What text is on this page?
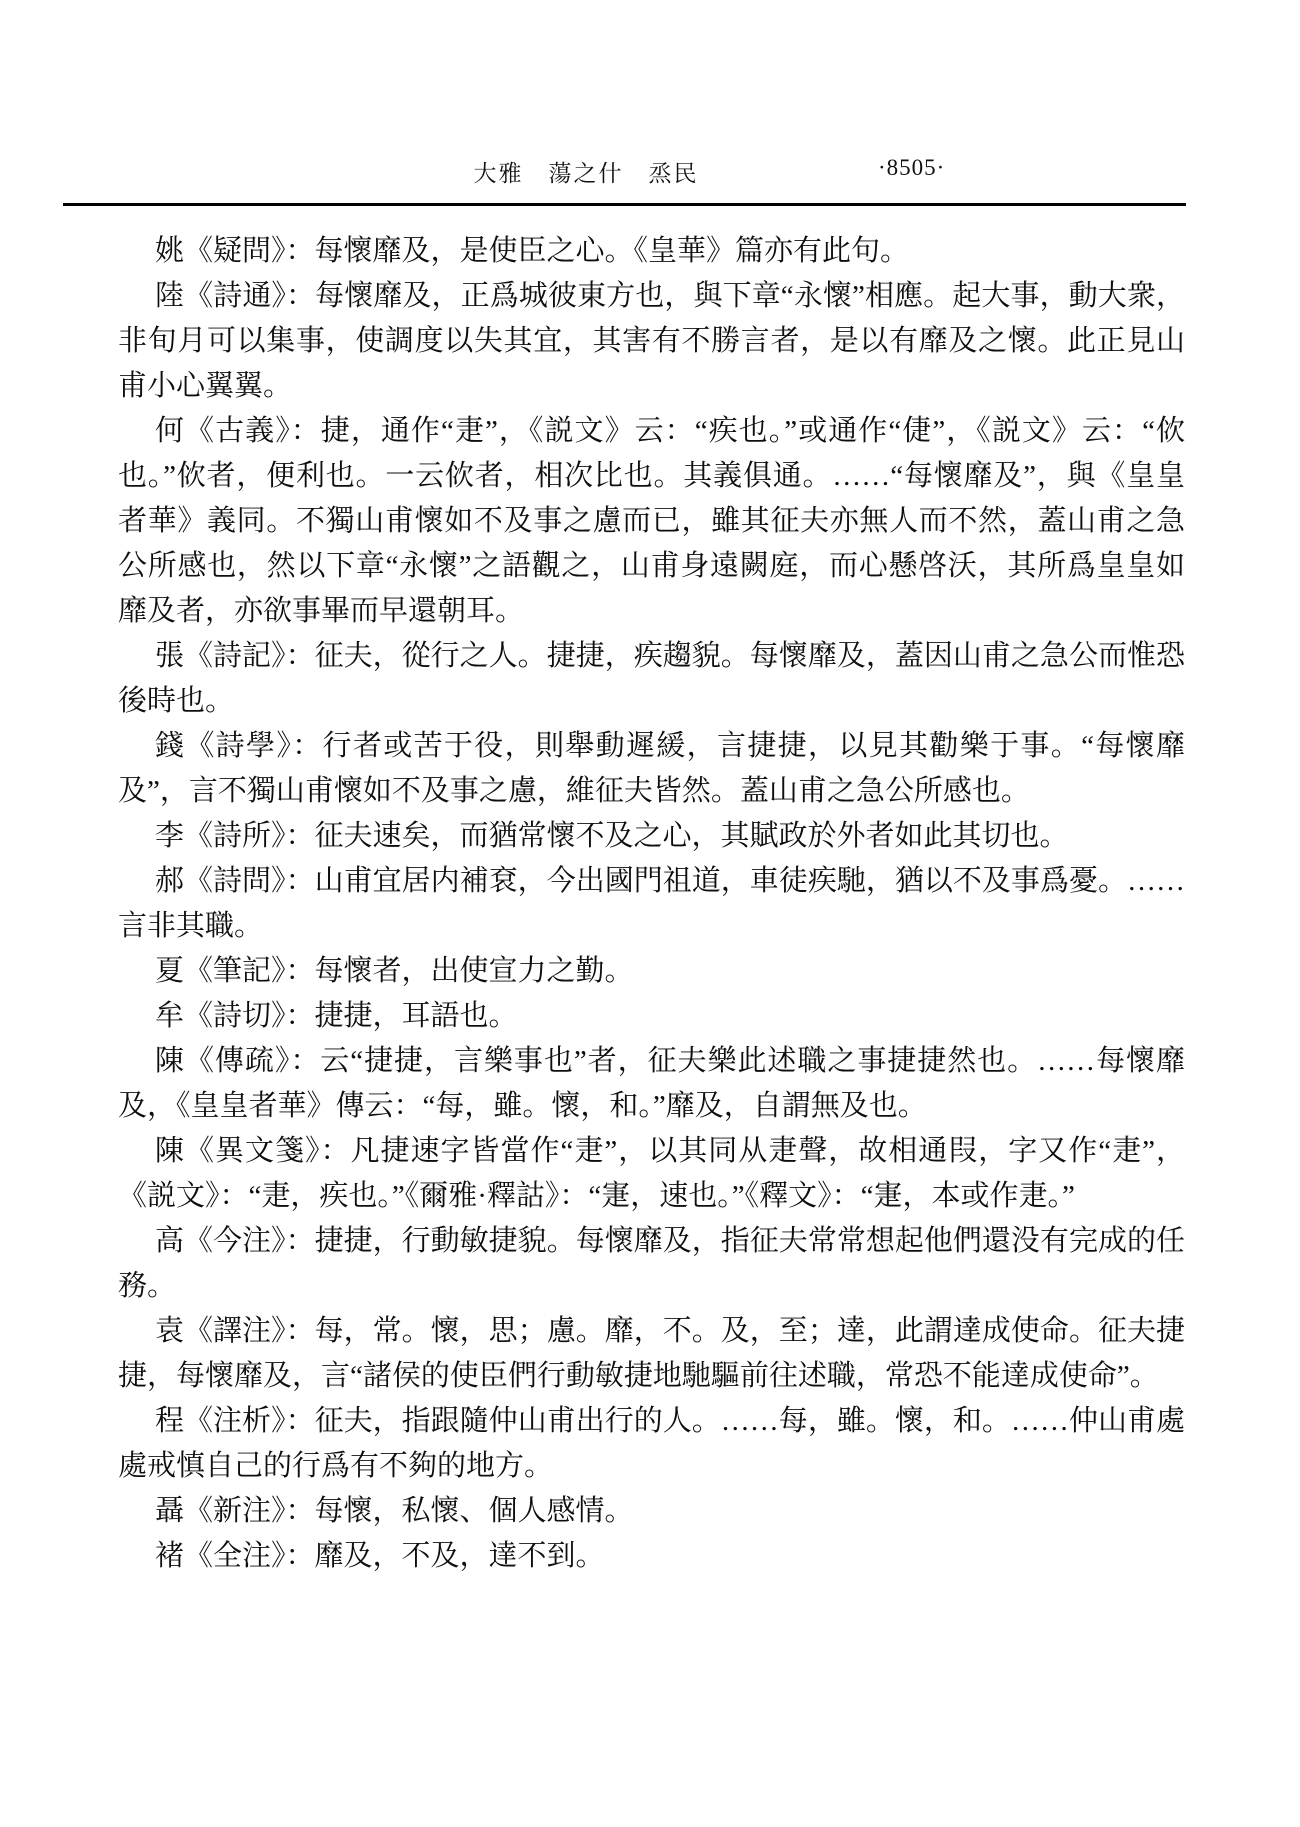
大雅　蕩之什　烝民	·8505·

姚《疑問》：每懷靡及，是使臣之心。《皇華》篇亦有此句。

陸《詩通》：每懷靡及，正爲城彼東方也，與下章“永懷”相應。起大事，動大衆，非旬月可以集事，使調度以失其宜，其害有不勝言者，是以有靡及之懷。此正見山甫小心翼翼。

何《古義》：捷，通作“疌”，《説文》云：“疾也。”或通作“倢”，《説文》云：“佽也。”佽者，便利也。一云佽者，相次比也。其義俱通。……“每懷靡及”，與《皇皇者華》義同。不獨山甫懷如不及事之慮而已，雖其征夫亦無人而不然，蓋山甫之急公所感也，然以下章“永懷”之語觀之，山甫身遠闕庭，而心懸啓沃，其所爲皇皇如靡及者，亦欲事畢而早還朝耳。

張《詩記》：征夫，從行之人。捷捷，疾趨貌。每懷靡及，蓋因山甫之急公而惟恐後時也。

錢《詩學》：行者或苦于役，則舉動遲緩，言捷捷，以見其勸樂于事。“每懷靡及”，言不獨山甫懷如不及事之慮，維征夫皆然。蓋山甫之急公所感也。

李《詩所》：征夫速矣，而猶常懷不及之心，其賦政於外者如此其切也。

郝《詩問》：山甫宜居内補袞，今出國門祖道，車徒疾馳，猶以不及事爲憂。……言非其職。

夏《筆記》：每懷者，出使宣力之勤。

牟《詩切》：捷捷，耳語也。

陳《傳疏》：云“捷捷，言樂事也”者，征夫樂此述職之事捷捷然也。……每懷靡及，《皇皇者華》傳云：“每，雖。懷，和。”靡及，自謂無及也。

陳《異文箋》：凡捷速字皆當作“疌”，以其同从疌聲，故相通叚，字又作“疌”，《説文》：“疌，疾也。”《爾雅·釋詁》：“寁，速也。”《釋文》：“寁，本或作疌。”

高《今注》：捷捷，行動敏捷貌。每懷靡及，指征夫常常想起他們還没有完成的任務。

袁《譯注》：每，常。懷，思；慮。靡，不。及，至；達，此謂達成使命。征夫捷捷，每懷靡及，言“諸侯的使臣們行動敏捷地馳驅前往述職，常恐不能達成使命”。

程《注析》：征夫，指跟隨仲山甫出行的人。……每，雖。懷，和。……仲山甫處處戒慎自己的行爲有不夠的地方。

聶《新注》：每懷，私懷、個人感情。

褚《全注》：靡及，不及，達不到。
